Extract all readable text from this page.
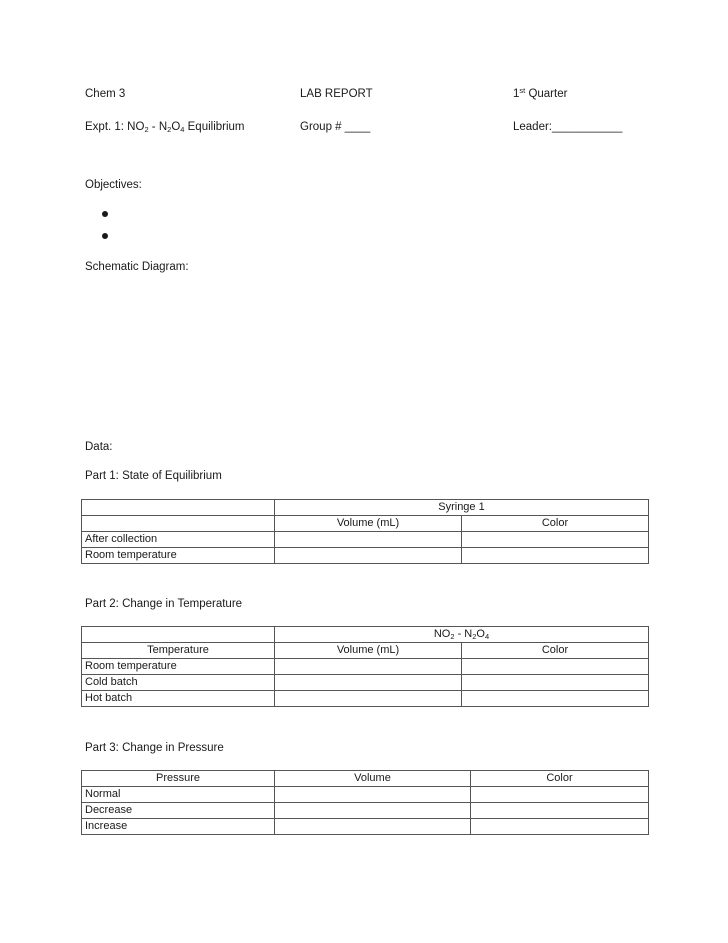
Chem 3	LAB REPORT	1st Quarter
Expt. 1: $NO_2 - N_2O_4$ Equilibrium	Group # ____	Leader:___________
Objectives:
Schematic Diagram:
Data:
Part 1: State of Equilibrium
	Syringe 1	
	Volume (mL)	Color
After collection		
Room temperature		
Part 2: Change in Temperature
	$NO_2 - N_2O_4$
Temperature	Volume (mL)	Color
Room temperature		
Cold batch		
Hot batch		
Part 3: Change in Pressure
Pressure	Volume	Color
Normal		
Decrease		
Increase		
